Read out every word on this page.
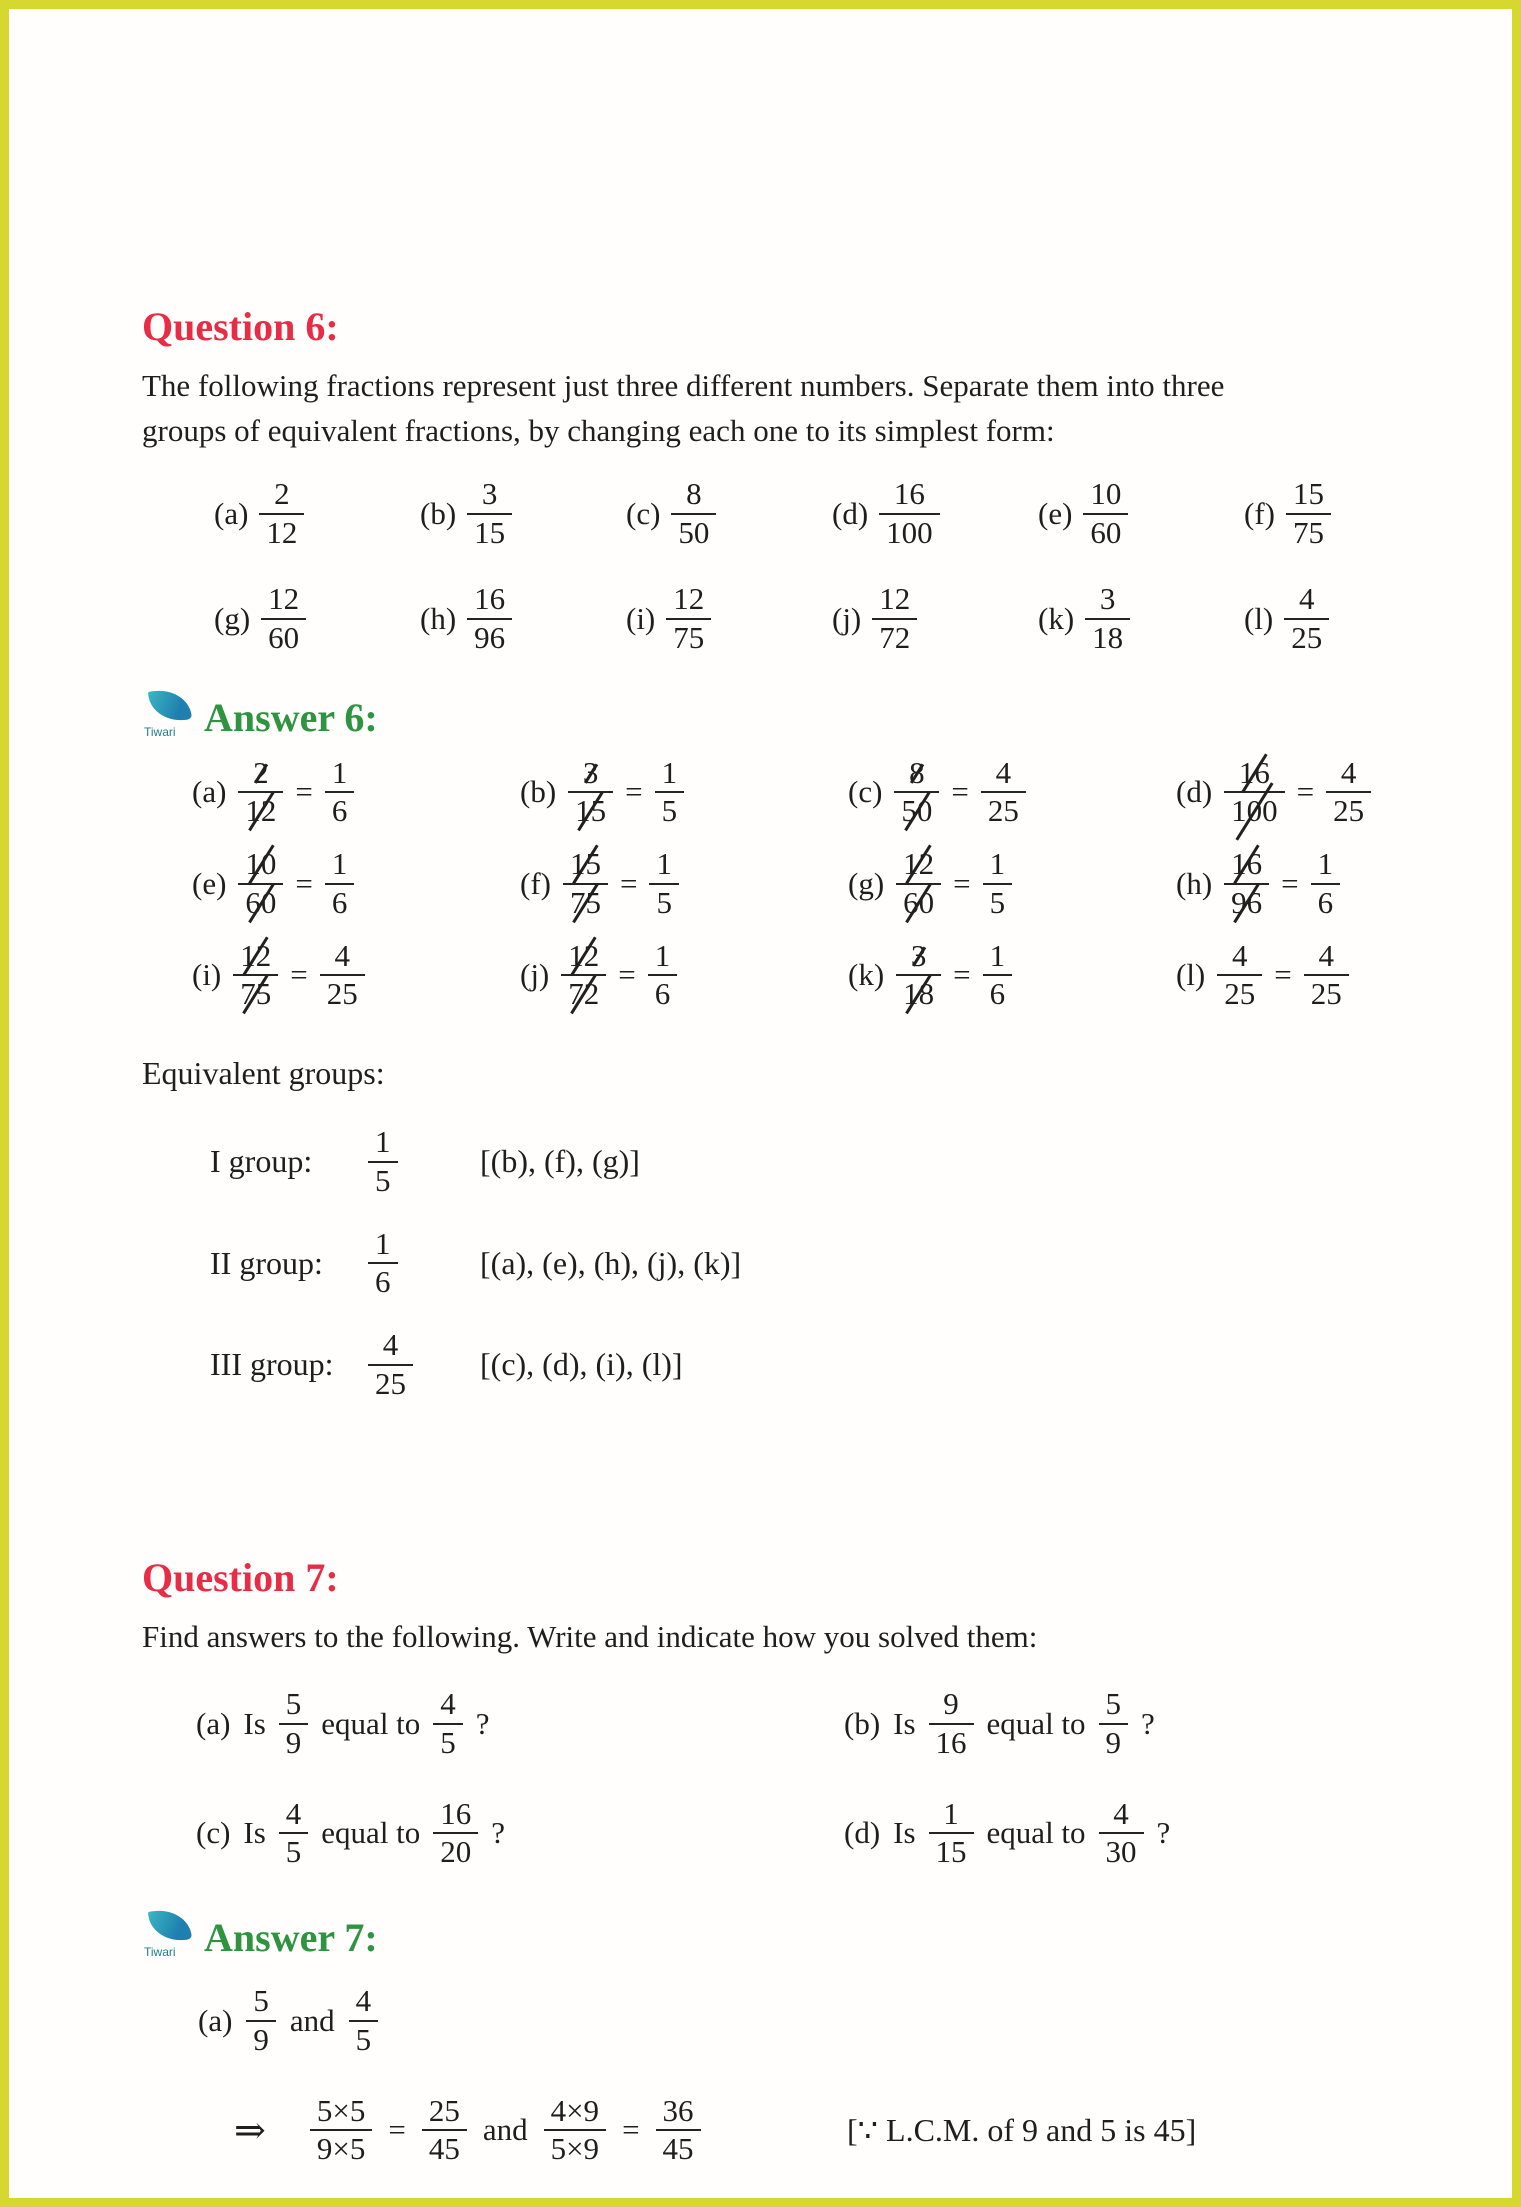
Question 6:

The following fractions represent just three different numbers. Separate them into three

groups of equivalent fractions, by changing each one to its simplest form:

$(a) \frac{2}{12}$	$(b) \frac{3}{15}$	$(c) \frac{8}{50}$	$(d) \frac{16}{100}$	$(e) \frac{10}{60}$	$(f) \frac{15}{75}$
$(g) \frac{12}{60}$	$(h) \frac{16}{96}$	$(i) \frac{12}{75}$	$(j) \frac{12}{72}$	$(k) \frac{3}{18}$	$(l) \frac{4}{25}$
Tiwari Answer 6:
$(a) \frac{2}{12} = \frac{1}{6}$	$(b) \frac{3}{15} = \frac{1}{5}$	$(c) \frac{8}{50} = \frac{4}{25}$	$(d) \frac{16}{100} = \frac{4}{25}$
$(e) \frac{10}{60} = \frac{1}{6}$	$(f) \frac{15}{75} = \frac{1}{5}$	$(g) \frac{12}{60} = \frac{1}{5}$	$(h) \frac{16}{96} = \frac{1}{6}$
$(i) \frac{12}{75} = \frac{4}{25}$	$(j) \frac{12}{72} = \frac{1}{6}$	$(k) \frac{3}{18} = \frac{1}{6}$	$(l) \frac{4}{25} = \frac{4}{25}$

Equivalent groups:

I group:	$\frac{1}{5}$	[(b), (f), (g)]
II group:	$\frac{1}{6}$	[(a), (e), (h), (j), (k)]
III group:	$\frac{4}{25} [(c)$, (d), (i), (l)]
Question 7:

Find answers to the following. Write and indicate how you solved them:

(a) Is $\frac{5}{9}$ equal to $\frac{4}{5}$ ?	(b) Is $\frac{9}{16}$ equal to $\frac{5}{9}$ ?
(c) Is $\frac{4}{5}$ equal to $\frac{16}{20}$ ?	(d) Is $\frac{1}{15}$ equal to $\frac{4}{30}$ ?
Tiwari Answer 7:
$(a) \frac{5}{9}$ and $\frac{4}{5}$
⇒ $\frac{5\times 5}{9\times 5} = \frac{25}{45}$ and $\frac{4\times 9}{5\times 9} = \frac{36}{45}$	[∵ L.C.M. of 9 and 5 is 45]
